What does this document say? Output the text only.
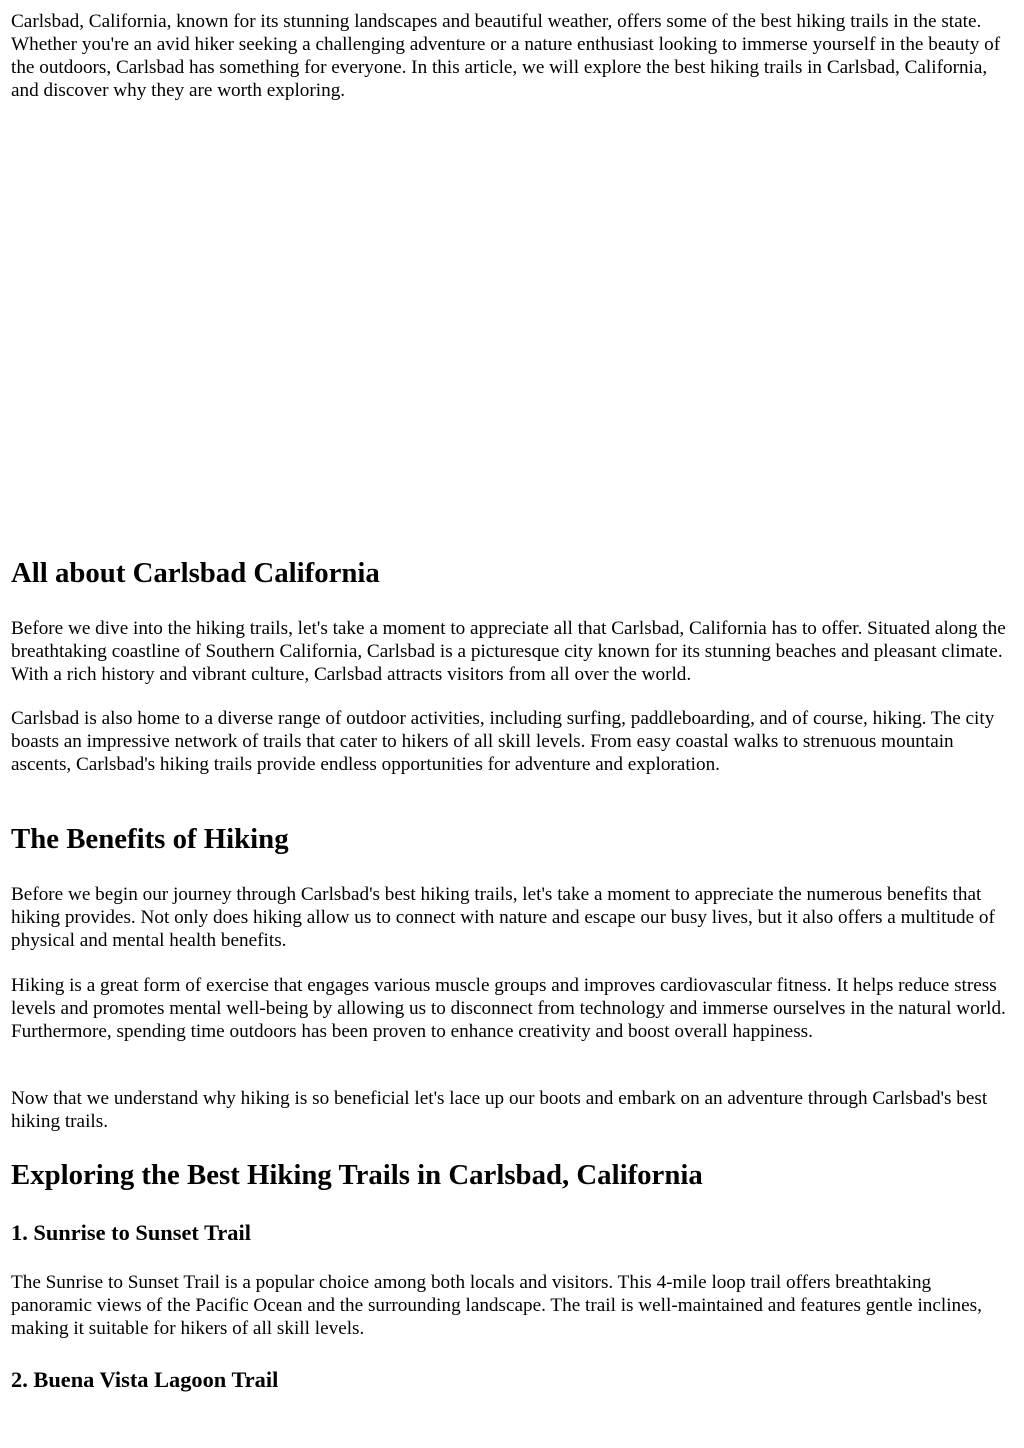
Carlsbad, California, known for its stunning landscapes and beautiful weather, offers some of the best hiking trails in the state. Whether you're an avid hiker seeking a challenging adventure or a nature enthusiast looking to immerse yourself in the beauty of the outdoors, Carlsbad has something for everyone. In this article, we will explore the best hiking trails in Carlsbad, California, and discover why they are worth exploring.

All about Carlsbad California

Before we dive into the hiking trails, let's take a moment to appreciate all that Carlsbad, California has to offer. Situated along the breathtaking coastline of Southern California, Carlsbad is a picturesque city known for its stunning beaches and pleasant climate. With a rich history and vibrant culture, Carlsbad attracts visitors from all over the world.

Carlsbad is also home to a diverse range of outdoor activities, including surfing, paddleboarding, and of course, hiking. The city boasts an impressive network of trails that cater to hikers of all skill levels. From easy coastal walks to strenuous mountain ascents, Carlsbad's hiking trails provide endless opportunities for adventure and exploration.

The Benefits of Hiking

Before we begin our journey through Carlsbad's best hiking trails, let's take a moment to appreciate the numerous benefits that hiking provides. Not only does hiking allow us to connect with nature and escape our busy lives, but it also offers a multitude of physical and mental health benefits.

Hiking is a great form of exercise that engages various muscle groups and improves cardiovascular fitness. It helps reduce stress levels and promotes mental well-being by allowing us to disconnect from technology and immerse ourselves in the natural world. Furthermore, spending time outdoors has been proven to enhance creativity and boost overall happiness.

Now that we understand why hiking is so beneficial let's lace up our boots and embark on an adventure through Carlsbad's best hiking trails.

Exploring the Best Hiking Trails in Carlsbad, California
1. Sunrise to Sunset Trail

The Sunrise to Sunset Trail is a popular choice among both locals and visitors. This 4-mile loop trail offers breathtaking panoramic views of the Pacific Ocean and the surrounding landscape. The trail is well-maintained and features gentle inclines, making it suitable for hikers of all skill levels.

2. Buena Vista Lagoon Trail
